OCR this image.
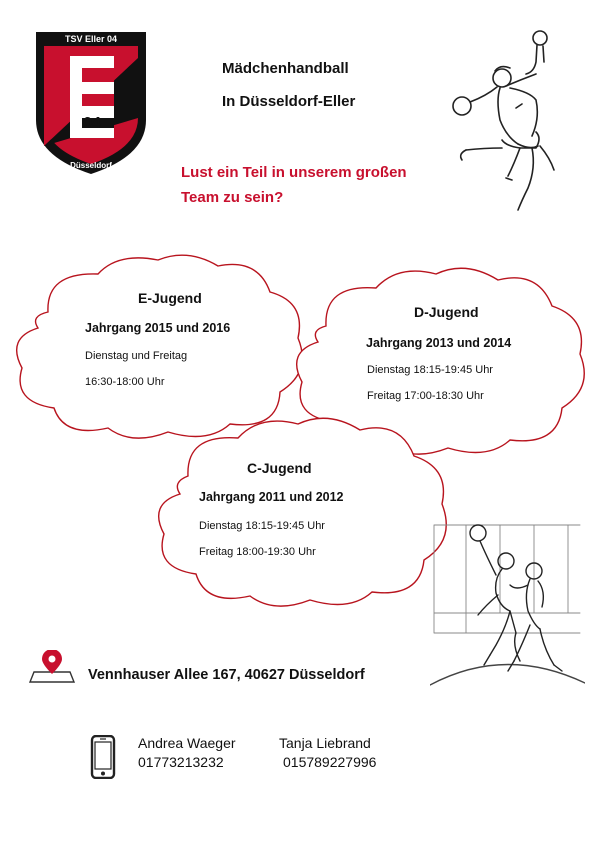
TSV Eller 04
04
Düsseldorf
Mädchenhandball
In Düsseldorf-Eller
Lust ein Teil in unserem großen
Team zu sein?
E-Jugend
Jahrgang 2015 und 2016
Dienstag und Freitag
16:30-18:00 Uhr
D-Jugend
Jahrgang 2013 und 2014
Dienstag 18:15-19:45 Uhr
Freitag 17:00-18:30 Uhr
C-Jugend
Jahrgang 2011 und 2012
Dienstag 18:15-19:45 Uhr
Freitag 18:00-19:30 Uhr
Vennhauser Allee 167, 40627 Düsseldorf
Andrea Waeger
01773213232
Tanja Liebrand
015789227996
